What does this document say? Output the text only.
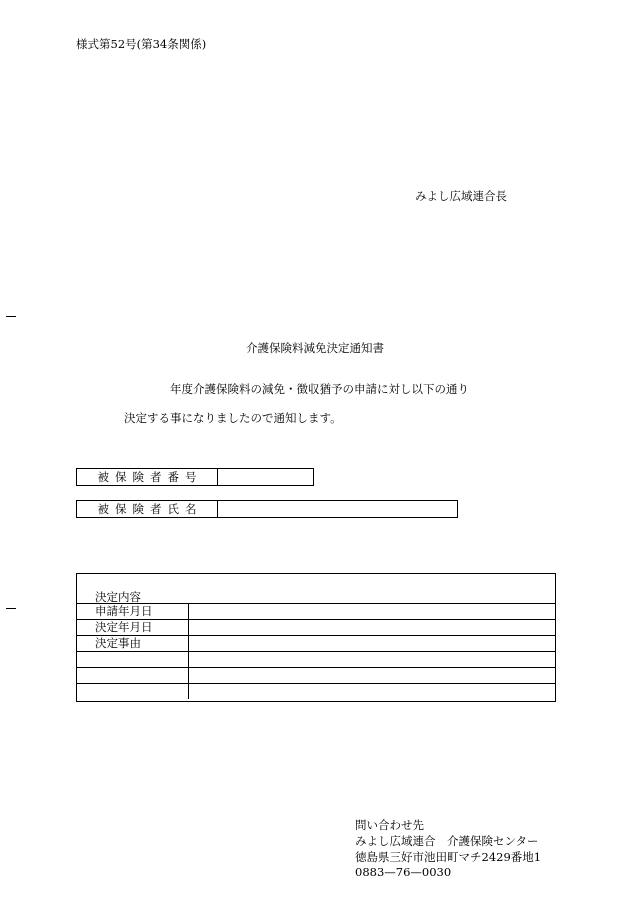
様式第52号(第34条関係)
みよし広域連合長
介護保険料減免決定通知書
年度介護保険料の減免・徴収猶予の申請に対し以下の通り
決定する事になりましたので通知します。
被保険者番号	
被保険者氏名	
決定内容
申請年月日	
決定年月日	
決定事由	

問い合わせ先
みよし広域連合　介護保険センター
徳島県三好市池田町マチ2429番地1
0883—76—0030
